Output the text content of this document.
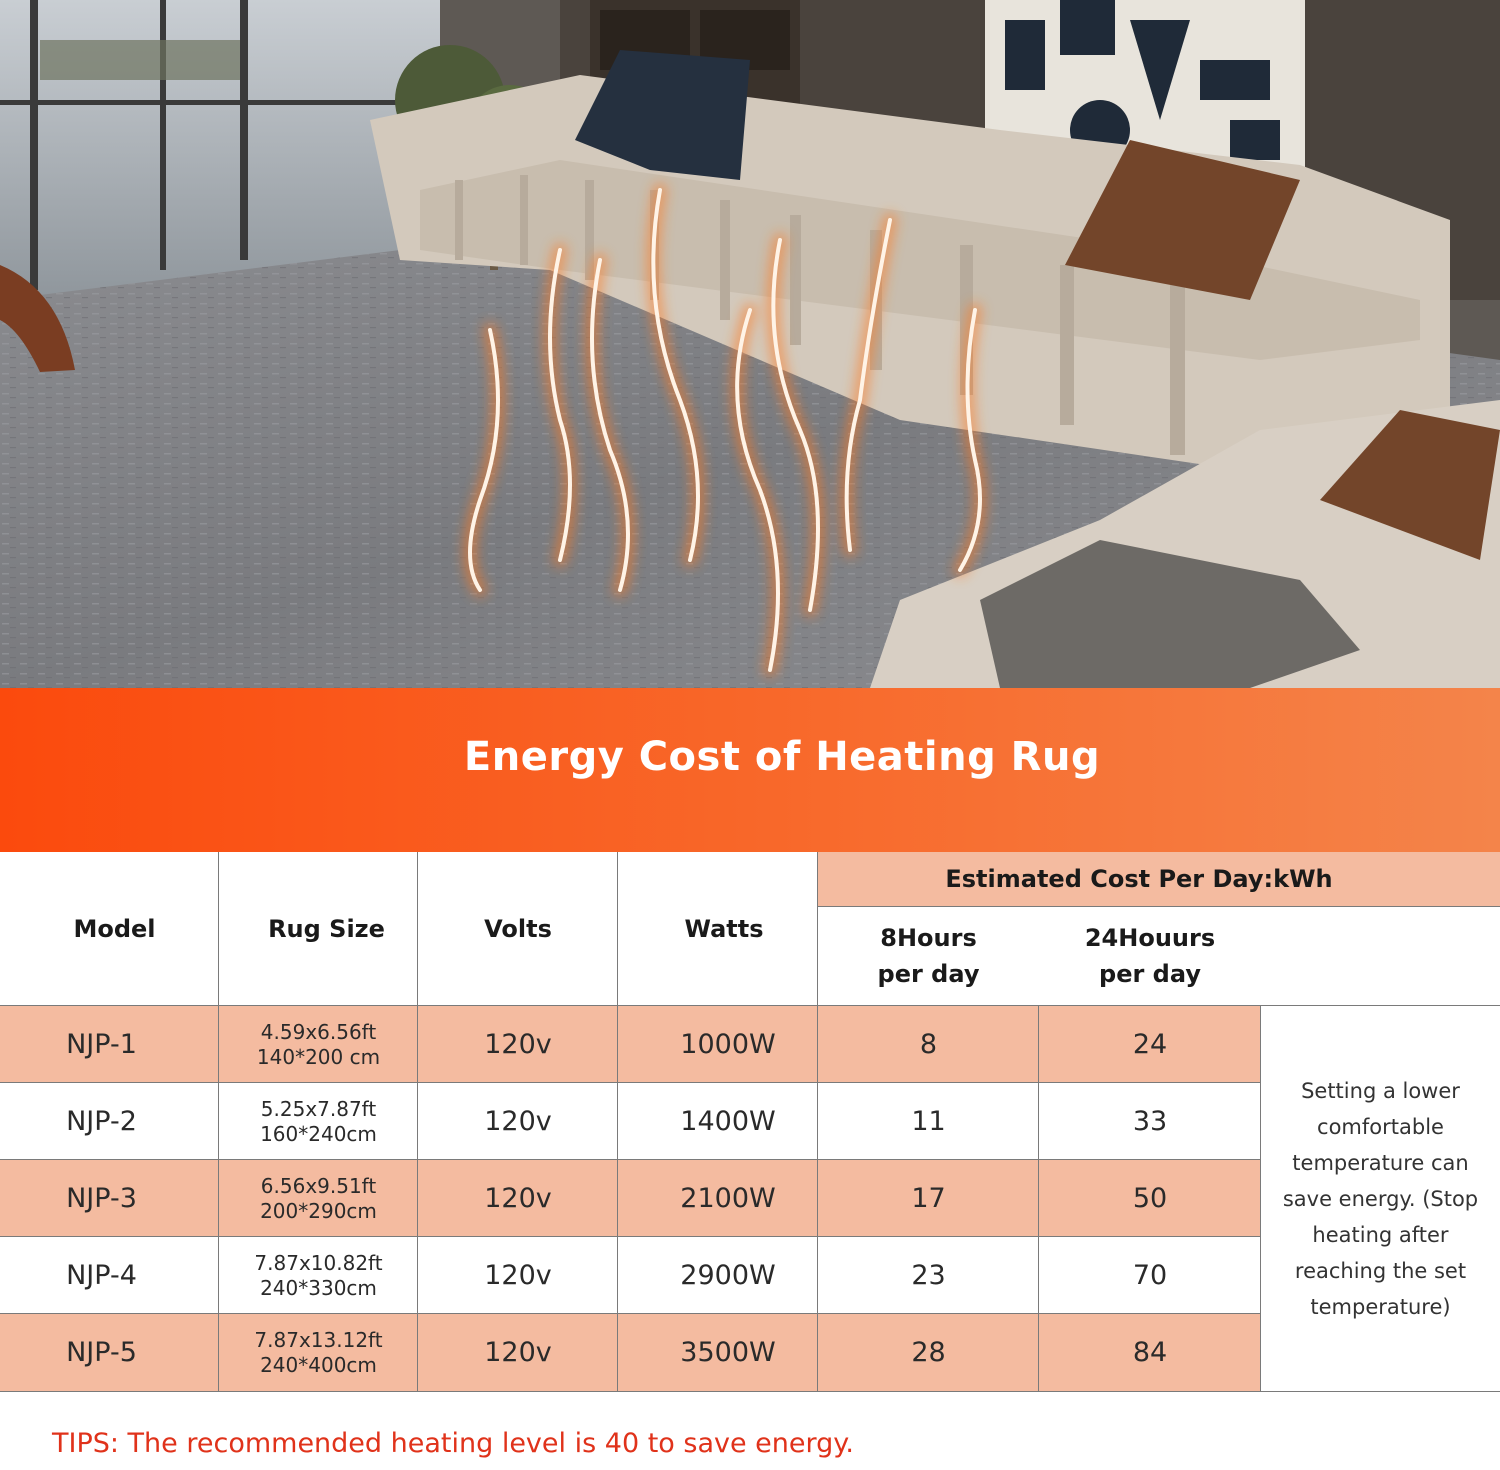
Energy Cost of Heating Rug
Estimated Cost Per Day:kWh
Model	Rug Size	Volts	Watts	8Hours
per day
24Houurs
per day
NJP-1	4.59x6.56ft
140*200 cm	120v	1000W	8	24
NJP-2	5.25x7.87ft
160*240cm	120v	1400W	11	33
NJP-3	6.56x9.51ft
200*290cm	120v	2100W	17	50
NJP-4	7.87x10.82ft
240*330cm	120v	2900W	23	70
NJP-5	7.87x13.12ft
240*400cm	120v	3500W	28	84
Setting a lower comfortable temperature can save energy. (Stop heating after reaching the set temperature)
TIPS: The recommended heating level is 40 to save energy.
